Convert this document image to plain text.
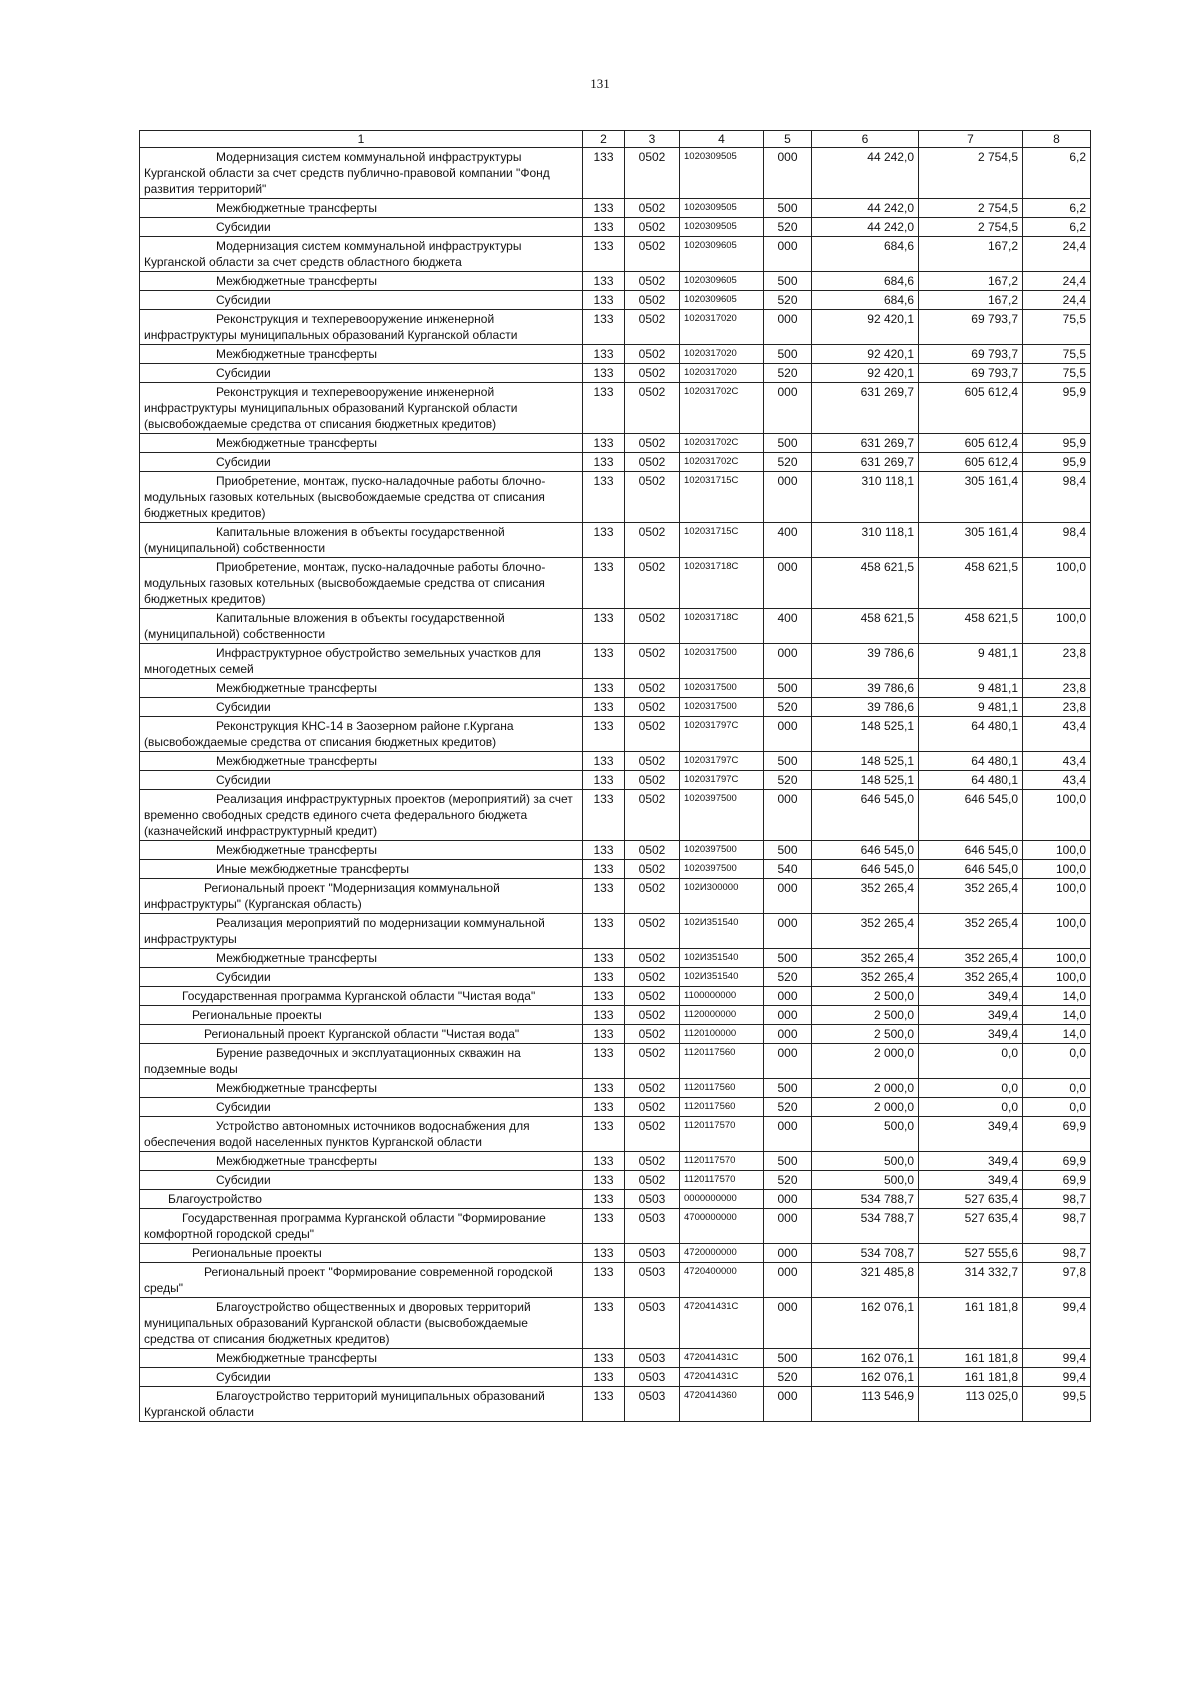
131
1	2	3	4	5	6	7	8
Модернизация систем коммунальной инфраструктуры Курганской области за счет средств публично-правовой компании "Фонд развития территорий"	133	0502	1020309505	000	44 242,0	2 754,5	6,2
Межбюджетные трансферты	133	0502	1020309505	500	44 242,0	2 754,5	6,2
Субсидии	133	0502	1020309505	520	44 242,0	2 754,5	6,2
Модернизация систем коммунальной инфраструктуры Курганской области за счет средств областного бюджета	133	0502	1020309605	000	684,6	167,2	24,4
Межбюджетные трансферты	133	0502	1020309605	500	684,6	167,2	24,4
Субсидии	133	0502	1020309605	520	684,6	167,2	24,4
Реконструкция и техперевооружение инженерной инфраструктуры муниципальных образований Курганской области	133	0502	1020317020	000	92 420,1	69 793,7	75,5
Межбюджетные трансферты	133	0502	1020317020	500	92 420,1	69 793,7	75,5
Субсидии	133	0502	1020317020	520	92 420,1	69 793,7	75,5
Реконструкция и техперевооружение инженерной инфраструктуры муниципальных образований Курганской области (высвобождаемые средства от списания бюджетных кредитов)	133	0502	102031702С	000	631 269,7	605 612,4	95,9
Межбюджетные трансферты	133	0502	102031702С	500	631 269,7	605 612,4	95,9
Субсидии	133	0502	102031702С	520	631 269,7	605 612,4	95,9
Приобретение, монтаж, пуско-наладочные работы блочно-модульных газовых котельных (высвобождаемые средства от списания бюджетных кредитов)	133	0502	102031715С	000	310 118,1	305 161,4	98,4
Капитальные вложения в объекты государственной (муниципальной) собственности	133	0502	102031715С	400	310 118,1	305 161,4	98,4
Приобретение, монтаж, пуско-наладочные работы блочно-модульных газовых котельных (высвобождаемые средства от списания бюджетных кредитов)	133	0502	102031718С	000	458 621,5	458 621,5	100,0
Капитальные вложения в объекты государственной (муниципальной) собственности	133	0502	102031718С	400	458 621,5	458 621,5	100,0
Инфраструктурное обустройство земельных участков для многодетных семей	133	0502	1020317500	000	39 786,6	9 481,1	23,8
Межбюджетные трансферты	133	0502	1020317500	500	39 786,6	9 481,1	23,8
Субсидии	133	0502	1020317500	520	39 786,6	9 481,1	23,8
Реконструкция КНС-14 в Заозерном районе г.Кургана (высвобождаемые средства от списания бюджетных кредитов)	133	0502	102031797С	000	148 525,1	64 480,1	43,4
Межбюджетные трансферты	133	0502	102031797С	500	148 525,1	64 480,1	43,4
Субсидии	133	0502	102031797С	520	148 525,1	64 480,1	43,4
Реализация инфраструктурных проектов (мероприятий) за счет временно свободных средств единого счета федерального бюджета (казначейский инфраструктурный кредит)	133	0502	1020397500	000	646 545,0	646 545,0	100,0
Межбюджетные трансферты	133	0502	1020397500	500	646 545,0	646 545,0	100,0
Иные межбюджетные трансферты	133	0502	1020397500	540	646 545,0	646 545,0	100,0
Региональный проект "Модернизация коммунальной инфраструктуры" (Курганская область)	133	0502	102И300000	000	352 265,4	352 265,4	100,0
Реализация мероприятий по модернизации коммунальной инфраструктуры	133	0502	102И351540	000	352 265,4	352 265,4	100,0
Межбюджетные трансферты	133	0502	102И351540	500	352 265,4	352 265,4	100,0
Субсидии	133	0502	102И351540	520	352 265,4	352 265,4	100,0
Государственная программа Курганской области "Чистая вода"	133	0502	1100000000	000	2 500,0	349,4	14,0
Региональные проекты	133	0502	1120000000	000	2 500,0	349,4	14,0
Региональный проект Курганской области "Чистая вода"	133	0502	1120100000	000	2 500,0	349,4	14,0
Бурение разведочных и эксплуатационных скважин на подземные воды	133	0502	1120117560	000	2 000,0	0,0	0,0
Межбюджетные трансферты	133	0502	1120117560	500	2 000,0	0,0	0,0
Субсидии	133	0502	1120117560	520	2 000,0	0,0	0,0
Устройство автономных источников водоснабжения для обеспечения водой населенных пунктов Курганской области	133	0502	1120117570	000	500,0	349,4	69,9
Межбюджетные трансферты	133	0502	1120117570	500	500,0	349,4	69,9
Субсидии	133	0502	1120117570	520	500,0	349,4	69,9
Благоустройство	133	0503	0000000000	000	534 788,7	527 635,4	98,7
Государственная программа Курганской области "Формирование комфортной городской среды"	133	0503	4700000000	000	534 788,7	527 635,4	98,7
Региональные проекты	133	0503	4720000000	000	534 708,7	527 555,6	98,7
Региональный проект "Формирование современной городской среды"	133	0503	4720400000	000	321 485,8	314 332,7	97,8
Благоустройство общественных и дворовых территорий муниципальных образований Курганской области (высвобождаемые средства от списания бюджетных кредитов)	133	0503	472041431С	000	162 076,1	161 181,8	99,4
Межбюджетные трансферты	133	0503	472041431С	500	162 076,1	161 181,8	99,4
Субсидии	133	0503	472041431С	520	162 076,1	161 181,8	99,4
Благоустройство территорий муниципальных образований Курганской области	133	0503	4720414360	000	113 546,9	113 025,0	99,5
